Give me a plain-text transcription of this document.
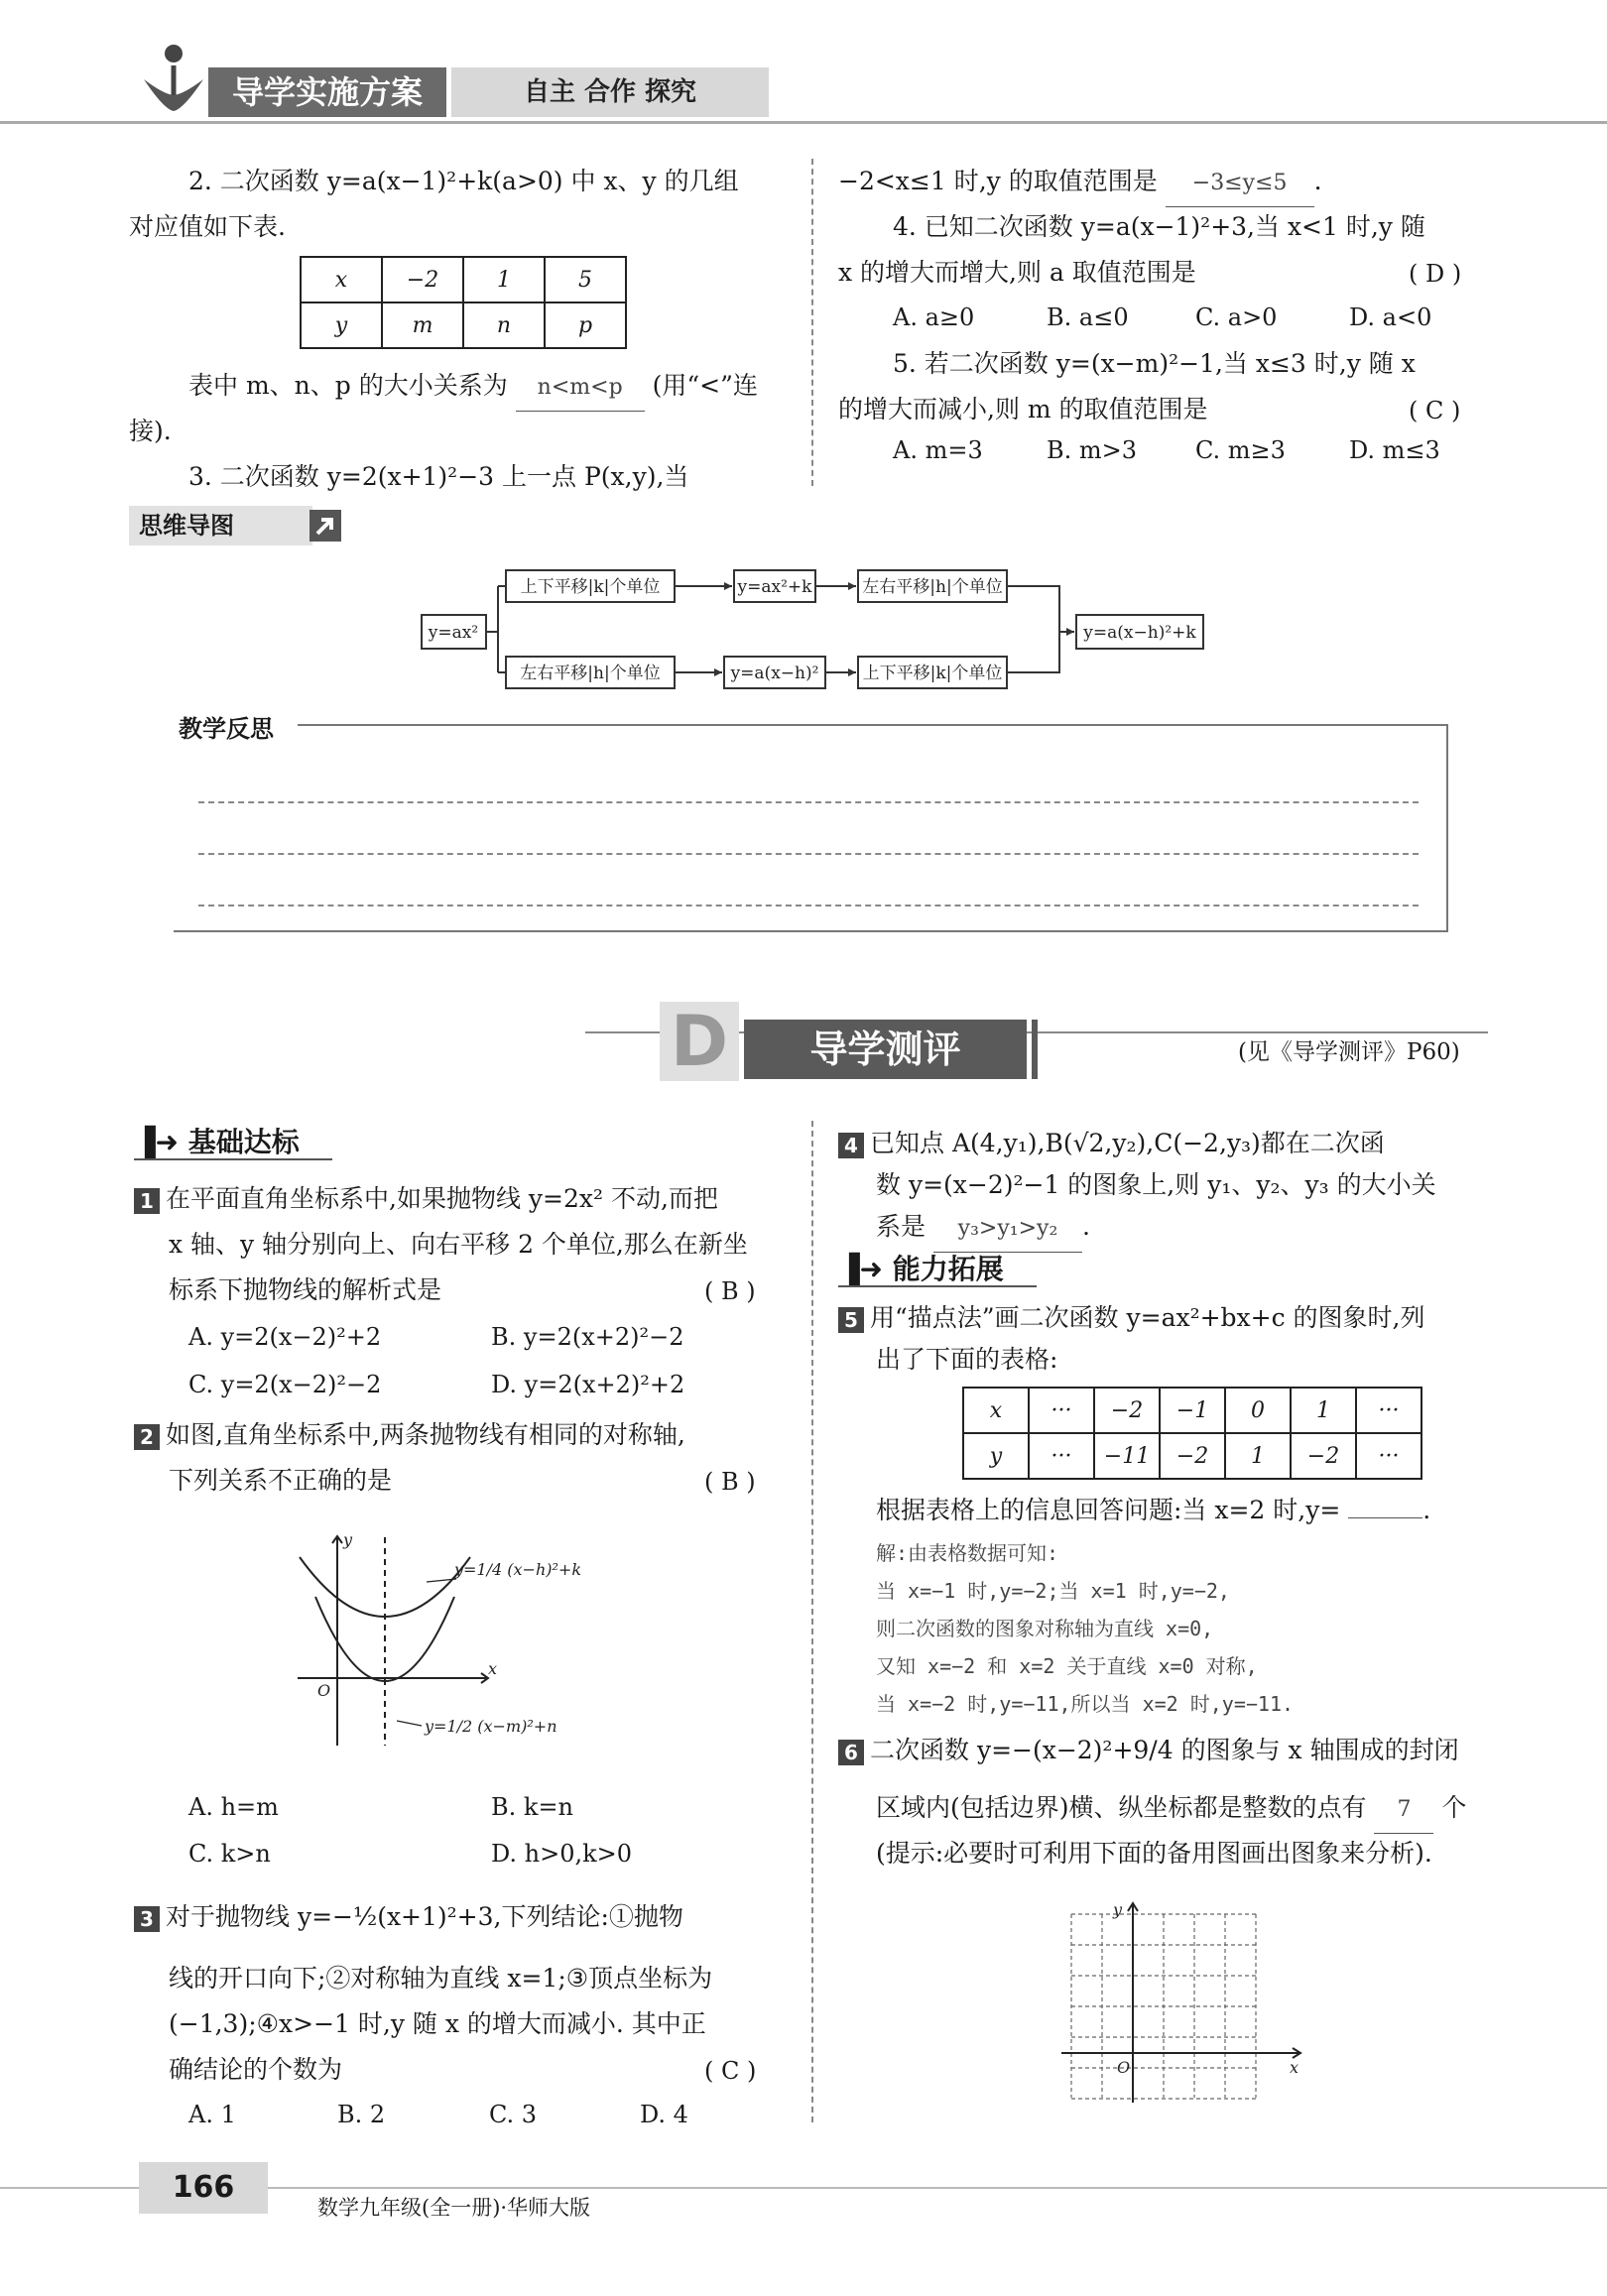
导学实施方案	自主 合作 探究
2. 二次函数 y=a(x−1)²+k(a>0) 中 x、y 的几组
对应值如下表.
x	−2	1	5
y	m	n	p
表中 m、n、p 的大小关系为 n<m<p (用“<”连
接).
3. 二次函数 y=2(x+1)²−3 上一点 P(x,y),当
−2<x≤1 时,y 的取值范围是 −3≤y≤5 .
4. 已知二次函数 y=a(x−1)²+3,当 x<1 时,y 随
x 的增大而增大,则 a 取值范围是	( D )
A. a≥0	B. a≤0	C. a>0	D. a<0
5. 若二次函数 y=(x−m)²−1,当 x≤3 时,y 随 x
的增大而减小,则 m 的取值范围是	( C )
A. m=3	B. m>3 C. m≥3	D. m≤3
思维导图
y=ax²
上下平移|k|个单位	y=ax²+k	左右平移|h|个单位
左右平移|h|个单位	y=a(x−h)²	上下平移|k|个单位
y=a(x−h)²+k
教学反思
D	导学测评	(见《导学测评》P60)
▐➜ 基础达标
1 在平面直角坐标系中,如果抛物线 y=2x² 不动,而把
x 轴、y 轴分别向上、向右平移 2 个单位,那么在新坐
标系下抛物线的解析式是	( B )
A. y=2(x−2)²+2	B. y=2(x+2)²−2
C. y=2(x−2)²−2	D. y=2(x+2)²+2
2 如图,直角坐标系中,两条抛物线有相同的对称轴,
下列关系不正确的是	( B )
y=1/4 (x−h)²+k
y=1/2 (x−m)²+n
x
y
O
A. h=m	B. k=n
C. k>n	D. h>0,k>0
3 对于抛物线 y=−½(x+1)²+3,下列结论:①抛物
线的开口向下;②对称轴为直线 x=1;③顶点坐标为
(−1,3);④x>−1 时,y 随 x 的增大而减小. 其中正
确结论的个数为	( C )
A. 1	B. 2	C. 3	D. 4
4 已知点 A(4,y₁),B(√2,y₂),C(−2,y₃)都在二次函
数 y=(x−2)²−1 的图象上,则 y₁、y₂、y₃ 的大小关
系是 y₃>y₁>y₂ .
▐➜ 能力拓展
5 用“描点法”画二次函数 y=ax²+bx+c 的图象时,列
出了下面的表格:
x	···	−2	−1	0	1	···
y	···	−11	−2	1	−2	···
根据表格上的信息回答问题:当 x=2 时,y=	.
解:由表格数据可知:
当 x=−1 时,y=−2;当 x=1 时,y=−2,
则二次函数的图象对称轴为直线 x=0,
又知 x=−2 和 x=2 关于直线 x=0 对称,
当 x=−2 时,y=−11,所以当 x=2 时,y=−11.
6 二次函数 y=−(x−2)²+9/4 的图象与 x 轴围成的封闭
区域内(包括边界)横、纵坐标都是整数的点有 7 个
(提示:必要时可利用下面的备用图画出图象来分析).
x
y
O
166
数学九年级(全一册)·华师大版
